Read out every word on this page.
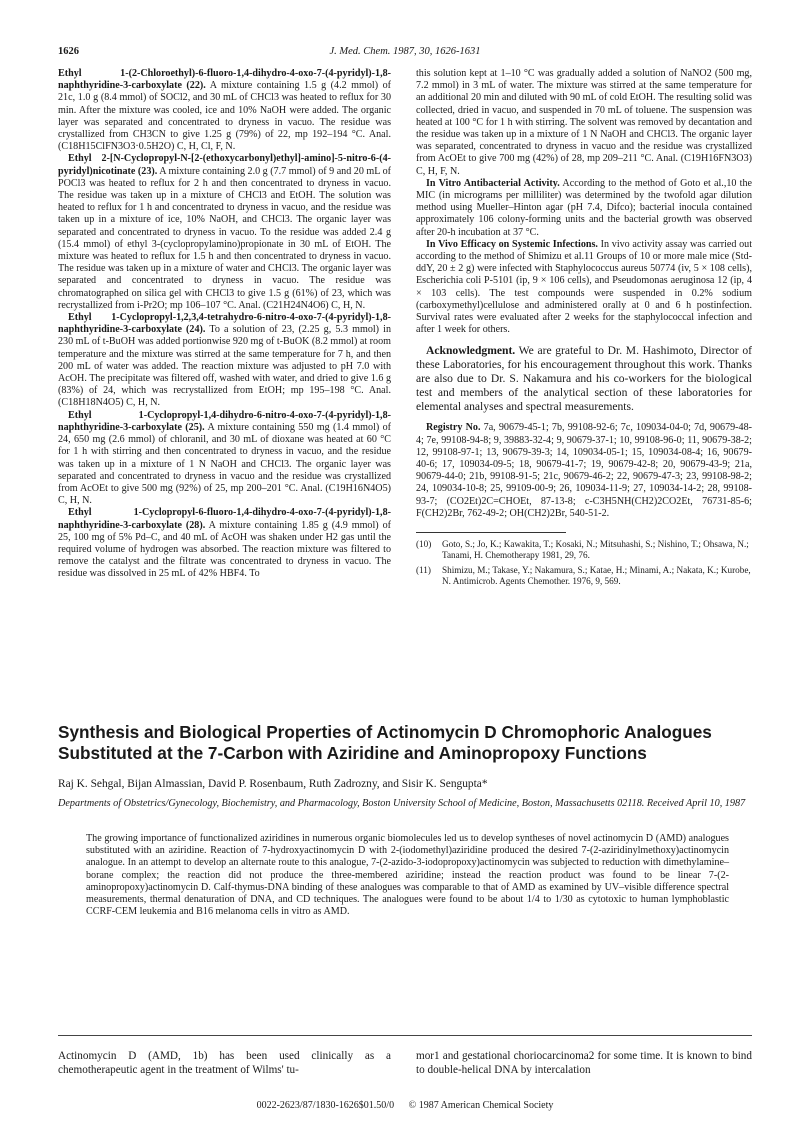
1626	J. Med. Chem. 1987, 30, 1626-1631

Ethyl 1-(2-Chloroethyl)-6-fluoro-1,4-dihydro-4-oxo-7-(4-pyridyl)-1,8-naphthyridine-3-carboxylate (22). A mixture containing 1.5 g (4.2 mmol) of 21c, 1.0 g (8.4 mmol) of SOCl2, and 30 mL of CHCl3 was heated to reflux for 30 min. After the mixture was cooled, ice and 10% NaOH were added. The organic layer was separated and concentrated to dryness in vacuo. The residue was crystallized from CH3CN to give 1.25 g (79%) of 22, mp 192–194 °C. Anal. (C18H15ClFN3O3·0.5H2O) C, H, Cl, F, N.

Ethyl 2-[N-Cyclopropyl-N-[2-(ethoxycarbonyl)ethyl]-amino]-5-nitro-6-(4-pyridyl)nicotinate (23). A mixture containing 2.0 g (7.7 mmol) of 9 and 20 mL of POCl3 was heated to reflux for 2 h and then concentrated to dryness in vacuo. The residue was taken up in a mixture of CHCl3 and EtOH. The solution was heated to reflux for 1 h and concentrated to dryness in vacuo, and the residue was taken up in a mixture of ice, 10% NaOH, and CHCl3. The organic layer was separated and concentrated to dryness in vacuo. To the residue was added 2.4 g (15.4 mmol) of ethyl 3-(cyclopropylamino)propionate in 30 mL of EtOH. The mixture was heated to reflux for 1.5 h and then concentrated to dryness in vacuo. The residue was taken up in a mixture of water and CHCl3. The organic layer was separated and concentrated to dryness in vacuo. The residue was chromatographed on silica gel with CHCl3 to give 1.5 g (61%) of 23, which was recrystallized from i-Pr2O; mp 106–107 °C. Anal. (C21H24N4O6) C, H, N.

Ethyl 1-Cyclopropyl-1,2,3,4-tetrahydro-6-nitro-4-oxo-7-(4-pyridyl)-1,8-naphthyridine-3-carboxylate (24). To a solution of 23, (2.25 g, 5.3 mmol) in 230 mL of t-BuOH was added portionwise 920 mg of t-BuOK (8.2 mmol) at room temperature and the mixture was stirred at the same temperature for 7 h, and then 200 mL of water was added. The reaction mixture was adjusted to pH 7.0 with AcOH. The precipitate was filtered off, washed with water, and dried to give 1.6 g (83%) of 24, which was recrystallized from EtOH; mp 195–198 °C. Anal. (C18H18N4O5) C, H, N.

Ethyl 1-Cyclopropyl-1,4-dihydro-6-nitro-4-oxo-7-(4-pyridyl)-1,8-naphthyridine-3-carboxylate (25). A mixture containing 550 mg (1.4 mmol) of 24, 650 mg (2.6 mmol) of chloranil, and 30 mL of dioxane was heated at 60 °C for 1 h with stirring and then concentrated to dryness in vacuo, and the residue was taken up in a mixture of 1 N NaOH and CHCl3. The organic layer was separated and concentrated to dryness in vacuo and the residue was crystallized from AcOEt to give 500 mg (92%) of 25, mp 200–201 °C. Anal. (C19H16N4O5) C, H, N.

Ethyl 1-Cyclopropyl-6-fluoro-1,4-dihydro-4-oxo-7-(4-pyridyl)-1,8-naphthyridine-3-carboxylate (28). A mixture containing 1.85 g (4.9 mmol) of 25, 100 mg of 5% Pd–C, and 40 mL of AcOH was shaken under H2 gas until the required volume of hydrogen was absorbed. The reaction mixture was filtered to remove the catalyst and the filtrate was concentrated to dryness in vacuo. The residue was dissolved in 25 mL of 42% HBF4. To

this solution kept at 1–10 °C was gradually added a solution of NaNO2 (500 mg, 7.2 mmol) in 3 mL of water. The mixture was stirred at the same temperature for an additional 20 min and diluted with 90 mL of cold EtOH. The resulting solid was collected, dried in vacuo, and suspended in 70 mL of toluene. The suspension was heated at 100 °C for 1 h with stirring. The solvent was removed by decantation and the residue was taken up in a mixture of 1 N NaOH and CHCl3. The organic layer was separated, concentrated to dryness in vacuo and the residue was crystallized from AcOEt to give 700 mg (42%) of 28, mp 209–211 °C. Anal. (C19H16FN3O3) C, H, F, N.

In Vitro Antibacterial Activity. According to the method of Goto et al.,10 the MIC (in micrograms per milliliter) was determined by the twofold agar dilution method using Mueller–Hinton agar (pH 7.4, Difco); bacterial inocula contained approximately 106 colony-forming units and the bacterial growth was observed after 20-h incubation at 37 °C.

In Vivo Efficacy on Systemic Infections. In vivo activity assay was carried out according to the method of Shimizu et al.11 Groups of 10 or more male mice (Std-ddY, 20 ± 2 g) were infected with Staphylococcus aureus 50774 (iv, 5 × 108 cells), Escherichia coli P-5101 (ip, 9 × 106 cells), and Pseudomonas aeruginosa 12 (ip, 4 × 103 cells). The test compounds were suspended in 0.2% sodium (carboxymethyl)cellulose and administered orally at 0 and 6 h postinfection. Survival rates were evaluated after 2 weeks for the staphylococcal infection and after 1 week for others.

Acknowledgment. We are grateful to Dr. M. Hashimoto, Director of these Laboratories, for his encouragement throughout this work. Thanks are also due to Dr. S. Nakamura and his co-workers for the biological test and members of the analytical section of these laboratories for elemental analyses and spectral measurements.

Registry No. 7a, 90679-45-1; 7b, 99108-92-6; 7c, 109034-04-0; 7d, 90679-48-4; 7e, 99108-94-8; 9, 39883-32-4; 9, 90679-37-1; 10, 99108-96-0; 11, 90679-38-2; 12, 99108-97-1; 13, 90679-39-3; 14, 109034-05-1; 15, 109034-08-4; 16, 90679-40-6; 17, 109034-09-5; 18, 90679-41-7; 19, 90679-42-8; 20, 90679-43-9; 21a, 90679-44-0; 21b, 99108-91-5; 21c, 90679-46-2; 22, 90679-47-3; 23, 99108-98-2; 24, 109034-10-8; 25, 99109-00-9; 26, 109034-11-9; 27, 109034-14-2; 28, 99108-93-7; (CO2Et)2C=CHOEt, 87-13-8; c-C3H5NH(CH2)2CO2Et, 76731-85-6; F(CH2)2Br, 762-49-2; OH(CH2)2Br, 540-51-2.

(10)	Goto, S.; Jo, K.; Kawakita, T.; Kosaki, N.; Mitsuhashi, S.; Nishino, T.; Ohsawa, N.; Tanami, H. Chemotherapy 1981, 29, 76.
(11)	Shimizu, M.; Takase, Y.; Nakamura, S.; Katae, H.; Minami, A.; Nakata, K.; Kurobe, N. Antimicrob. Agents Chemother. 1976, 9, 569.
Synthesis and Biological Properties of Actinomycin D Chromophoric Analogues Substituted at the 7-Carbon with Aziridine and Aminopropoxy Functions
Raj K. Sehgal, Bijan Almassian, David P. Rosenbaum, Ruth Zadrozny, and Sisir K. Sengupta*
Departments of Obstetrics/Gynecology, Biochemistry, and Pharmacology, Boston University School of Medicine, Boston, Massachusetts 02118. Received April 10, 1987
The growing importance of functionalized aziridines in numerous organic biomolecules led us to develop syntheses of novel actinomycin D (AMD) analogues substituted with an aziridine. Reaction of 7-hydroxyactinomycin D with 2-(iodomethyl)aziridine produced the desired 7-(2-aziridinylmethoxy)actinomycin analogue. In an attempt to develop an alternate route to this analogue, 7-(2-azido-3-iodopropoxy)actinomycin was subjected to reduction with dimethylamine–borane complex; the reaction did not produce the three-membered aziridine; instead the reaction product was found to be linear 7-(2-aminopropoxy)actinomycin D. Calf-thymus-DNA binding of these analogues was comparable to that of AMD as examined by UV–visible difference spectral measurements, thermal denaturation of DNA, and CD techniques. The analogues were found to be about 1/4 to 1/30 as cytotoxic to human lymphoblastic CCRF-CEM leukemia and B16 melanoma cells in vitro as AMD.
Actinomycin D (AMD, 1b) has been used clinically as a chemotherapeutic agent in the treatment of Wilms' tu-
mor1 and gestational choriocarcinoma2 for some time. It is known to bind to double-helical DNA by intercalation
0022-2623/87/1830-1626$01.50/0 © 1987 American Chemical Society
